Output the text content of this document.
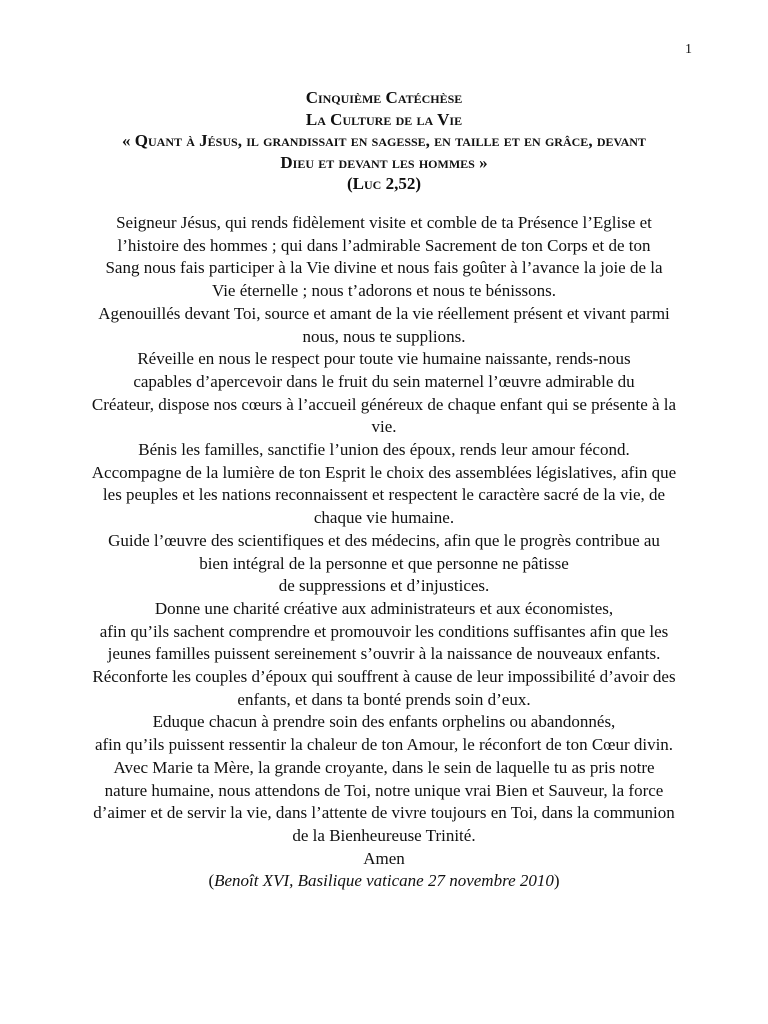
1
Cinquième Catéchèse
La Culture de la Vie
« Quant à Jésus, il grandissait en sagesse, en taille et en grâce, devant
Dieu et devant les hommes »
(Luc 2,52)
Seigneur Jésus, qui rends fidèlement visite et comble de ta Présence l’Eglise et
l’histoire des hommes ; qui dans l’admirable Sacrement de ton Corps et de ton
Sang nous fais participer à la Vie divine et nous fais goûter à l’avance la joie de la
Vie éternelle ; nous t’adorons et nous te bénissons.
Agenouillés devant Toi, source et amant de la vie réellement présent et vivant parmi
nous, nous te supplions.
Réveille en nous le respect pour toute vie humaine naissante, rends-nous
capables d’apercevoir dans le fruit du sein maternel l’œuvre admirable du
Créateur, dispose nos cœurs à l’accueil généreux de chaque enfant qui se présente à la
vie.
Bénis les familles, sanctifie l’union des époux, rends leur amour fécond.
Accompagne de la lumière de ton Esprit le choix des assemblées législatives, afin que
les peuples et les nations reconnaissent et respectent le caractère sacré de la vie, de
chaque vie humaine.
Guide l’œuvre des scientifiques et des médecins, afin que le progrès contribue au
bien intégral de la personne et que personne ne pâtisse
de suppressions et d’injustices.
Donne une charité créative aux administrateurs et aux économistes,
afin qu’ils sachent comprendre et promouvoir les conditions suffisantes afin que les
jeunes familles puissent sereinement s’ouvrir à la naissance de nouveaux enfants.
Réconforte les couples d’époux qui souffrent à cause de leur impossibilité d’avoir des
enfants, et dans ta bonté prends soin d’eux.
Eduque chacun à prendre soin des enfants orphelins ou abandonnés,
afin qu’ils puissent ressentir la chaleur de ton Amour, le réconfort de ton Cœur divin.
Avec Marie ta Mère, la grande croyante, dans le sein de laquelle tu as pris notre
nature humaine, nous attendons de Toi, notre unique vrai Bien et Sauveur, la force
d’aimer et de servir la vie, dans l’attente de vivre toujours en Toi, dans la communion
de la Bienheureuse Trinité.
Amen
(Benoît XVI, Basilique vaticane 27 novembre 2010)
